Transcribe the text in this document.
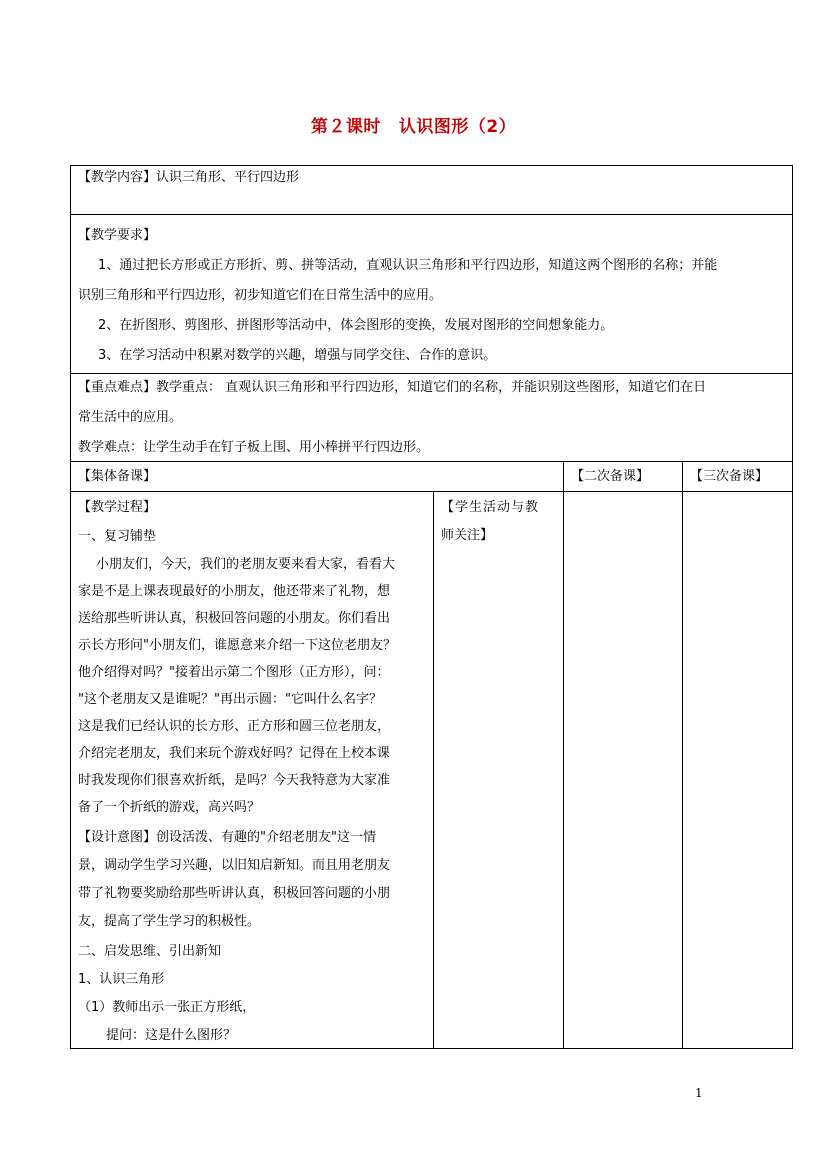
第２课时 认识图形（2）
【教学内容】认识三角形、平行四边形
【教学要求】
1、通过把长方形或正方形折、剪、拼等活动，直观认识三角形和平行四边形，知道这两个图形的名称；并能
识别三角形和平行四边形，初步知道它们在日常生活中的应用。
2、在折图形、剪图形、拼图形等活动中，体会图形的变换，发展对图形的空间想象能力。
3、在学习活动中积累对数学的兴趣，增强与同学交往、合作的意识。
【重点难点】教学重点： 直观认识三角形和平行四边形，知道它们的名称，并能识别这些图形，知道它们在日
常生活中的应用。
教学难点：让学生动手在钉子板上围、用小棒拼平行四边形。
【集体备课】	【二次备课】	【三次备课】
【教学过程】
一、复习铺垫
小朋友们，今天，我们的老朋友要来看大家，看看大
家是不是上课表现最好的小朋友，他还带来了礼物，想
送给那些听讲认真，积极回答问题的小朋友。你们看出
示长方形问"小朋友们，谁愿意来介绍一下这位老朋友？
他介绍得对吗？"接着出示第二个图形（正方形），问：
"这个老朋友又是谁呢？"再出示圆："它叫什么名字？
这是我们已经认识的长方形、正方形和圆三位老朋友，
介绍完老朋友，我们来玩个游戏好吗？记得在上校本课
时我发现你们很喜欢折纸，是吗？今天我特意为大家准
备了一个折纸的游戏，高兴吗？
【设计意图】创设活泼、有趣的"介绍老朋友"这一情
景，调动学生学习兴趣，以旧知启新知。而且用老朋友
带了礼物要奖励给那些听讲认真，积极回答问题的小朋
友，提高了学生学习的积极性。
二、启发思维、引出新知
1、认识三角形
（1）教师出示一张正方形纸，
提问：这是什么图形？
【学生活动与教
师关注】
1
